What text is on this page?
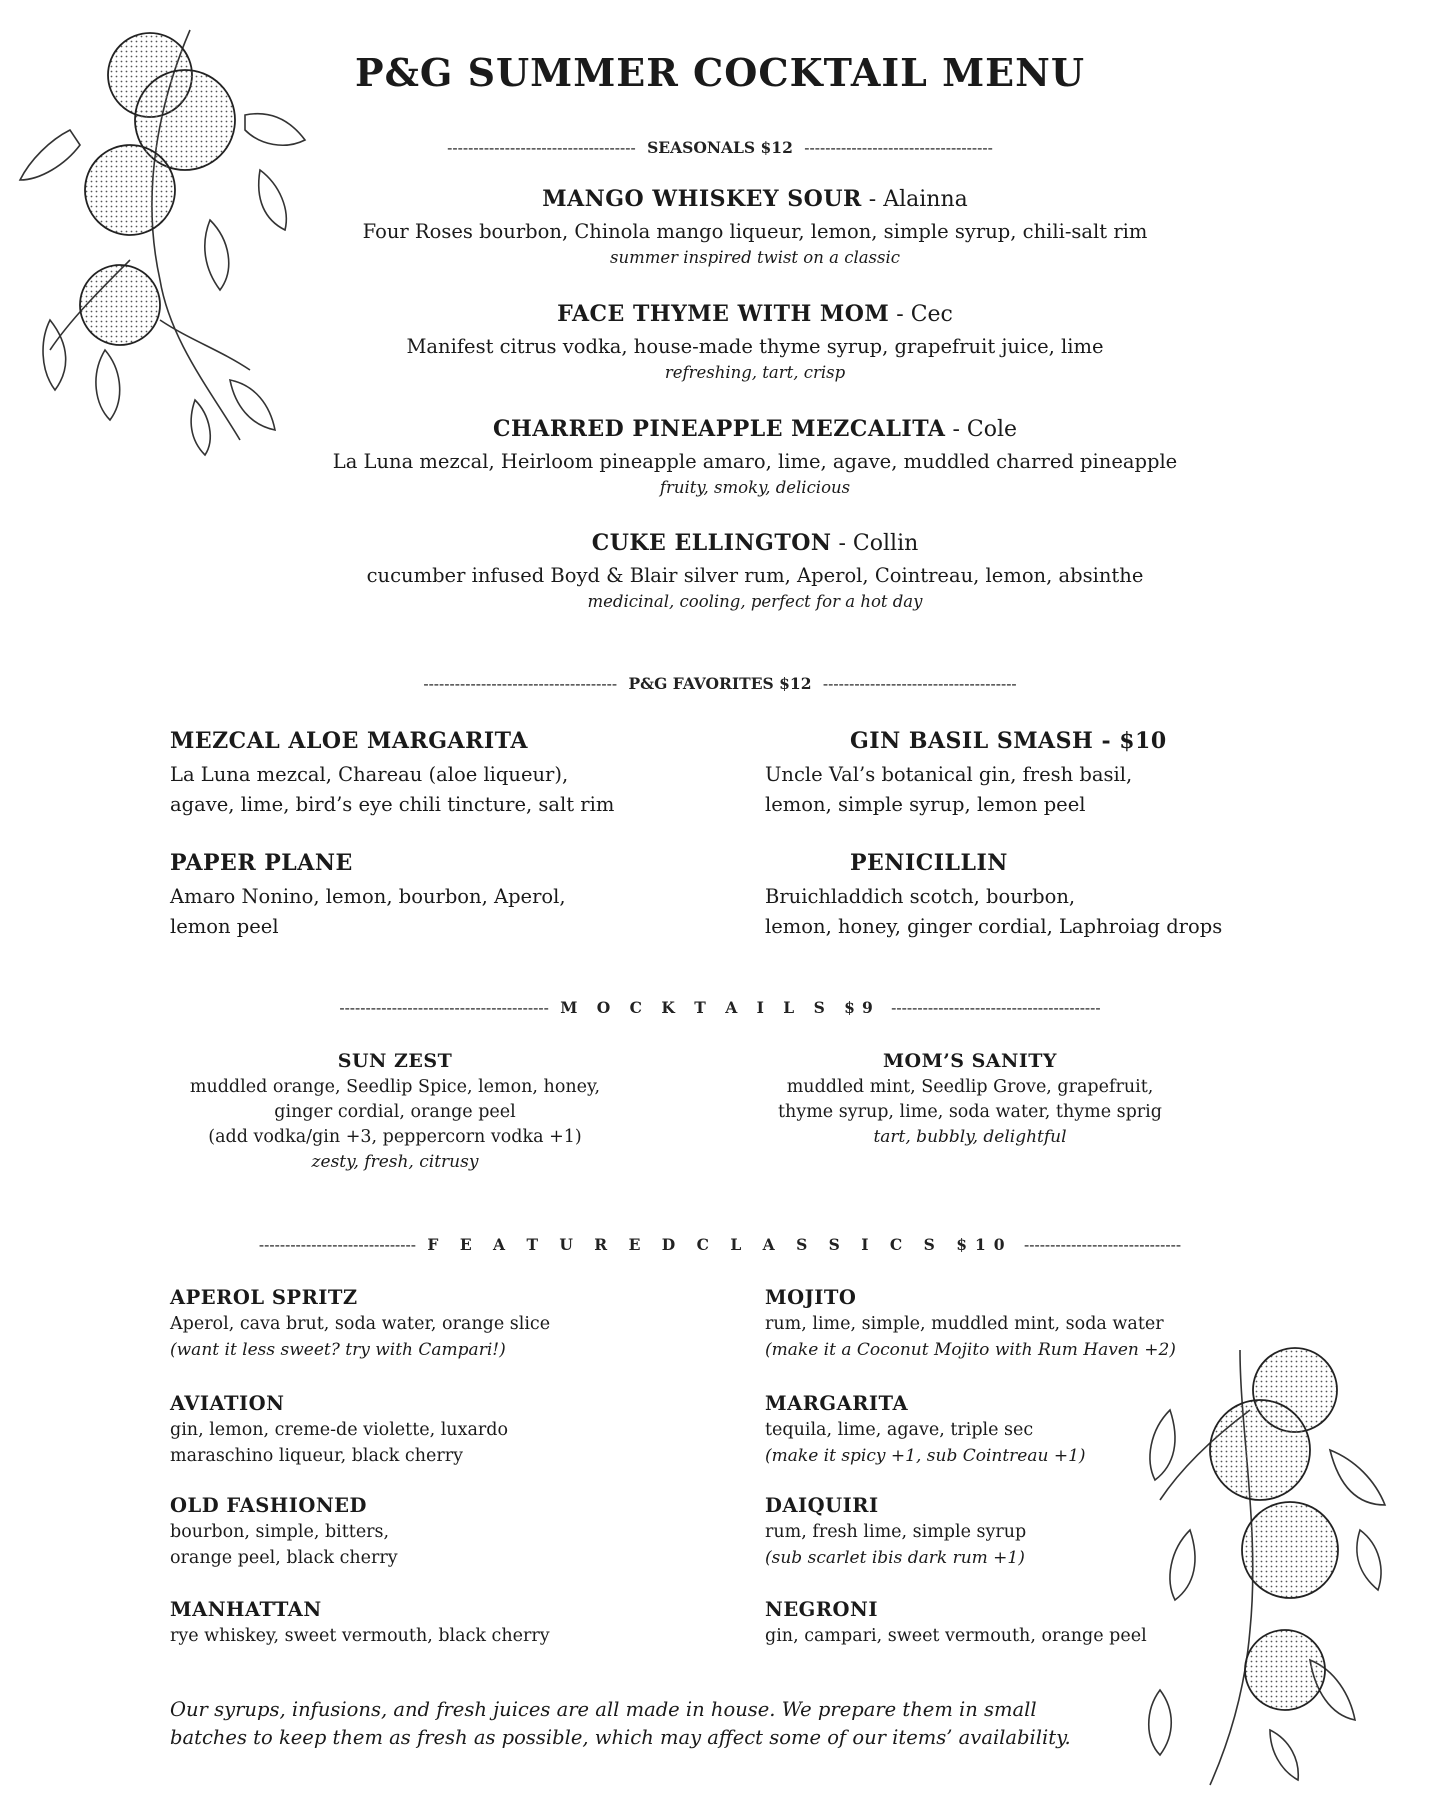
P&G SUMMER COCKTAIL MENU
------------------------------------ SEASONALS $12 ------------------------------------
MANGO WHISKEY SOUR - Alainna
Four Roses bourbon, Chinola mango liqueur, lemon, simple syrup, chili-salt rim
summer inspired twist on a classic
FACE THYME WITH MOM - Cec
Manifest citrus vodka, house-made thyme syrup, grapefruit juice, lime
refreshing, tart, crisp
CHARRED PINEAPPLE MEZCALITA - Cole
La Luna mezcal, Heirloom pineapple amaro, lime, agave, muddled charred pineapple
fruity, smoky, delicious
CUKE ELLINGTON - Collin
cucumber infused Boyd & Blair silver rum, Aperol, Cointreau, lemon, absinthe
medicinal, cooling, perfect for a hot day
------------------------------------- P&G FAVORITES $12 -------------------------------------
MEZCAL ALOE MARGARITA
La Luna mezcal, Chareau (aloe liqueur),
agave, lime, bird’s eye chili tincture, salt rim
GIN BASIL SMASH - $10
Uncle Val’s botanical gin, fresh basil,
lemon, simple syrup, lemon peel
PAPER PLANE
Amaro Nonino, lemon, bourbon, Aperol,
lemon peel
PENICILLIN
Bruichladdich scotch, bourbon,
lemon, honey, ginger cordial, Laphroiag drops
---------------------------------------- M O C K T A I L S $9 ----------------------------------------
SUN ZEST
muddled orange, Seedlip Spice, lemon, honey,
ginger cordial, orange peel
(add vodka/gin +3, peppercorn vodka +1)
zesty, fresh, citrusy
MOM’S SANITY
muddled mint, Seedlip Grove, grapefruit,
thyme syrup, lime, soda water, thyme sprig
tart, bubbly, delightful
------------------------------ F E A T U R E D C L A S S I C S $10 ------------------------------
APEROL SPRITZ
Aperol, cava brut, soda water, orange slice
(want it less sweet? try with Campari!)
AVIATION
gin, lemon, creme-de violette, luxardo
maraschino liqueur, black cherry
OLD FASHIONED
bourbon, simple, bitters,
orange peel, black cherry
MANHATTAN
rye whiskey, sweet vermouth, black cherry
MOJITO
rum, lime, simple, muddled mint, soda water
(make it a Coconut Mojito with Rum Haven +2)
MARGARITA
tequila, lime, agave, triple sec
(make it spicy +1, sub Cointreau +1)
DAIQUIRI
rum, fresh lime, simple syrup
(sub scarlet ibis dark rum +1)
NEGRONI
gin, campari, sweet vermouth, orange peel
Our syrups, infusions, and fresh juices are all made in house. We prepare them in small
batches to keep them as fresh as possible, which may affect some of our items’ availability.
